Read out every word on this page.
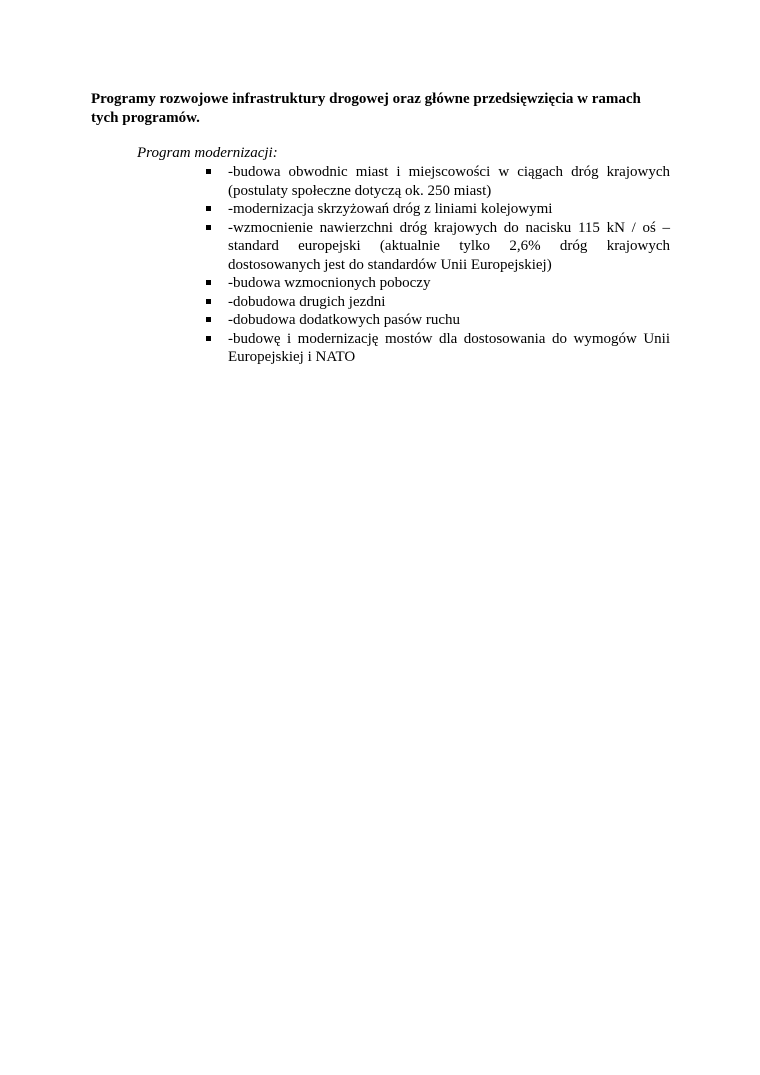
Programy rozwojowe infrastruktury drogowej oraz główne przedsięwzięcia w ramach tych programów.

Program modernizacji:

-budowa obwodnic miast i miejscowości w ciągach dróg krajowych (postulaty społeczne dotyczą ok. 250 miast)
-modernizacja skrzyżowań dróg z liniami kolejowymi
-wzmocnienie nawierzchni dróg krajowych do nacisku 115 kN / oś – standard europejski (aktualnie tylko 2,6% dróg krajowych dostosowanych jest do standardów Unii Europejskiej)
-budowa wzmocnionych poboczy
-dobudowa drugich jezdni
-dobudowa dodatkowych pasów ruchu
-budowę i modernizację mostów dla dostosowania do wymogów Unii Europejskiej i NATO
